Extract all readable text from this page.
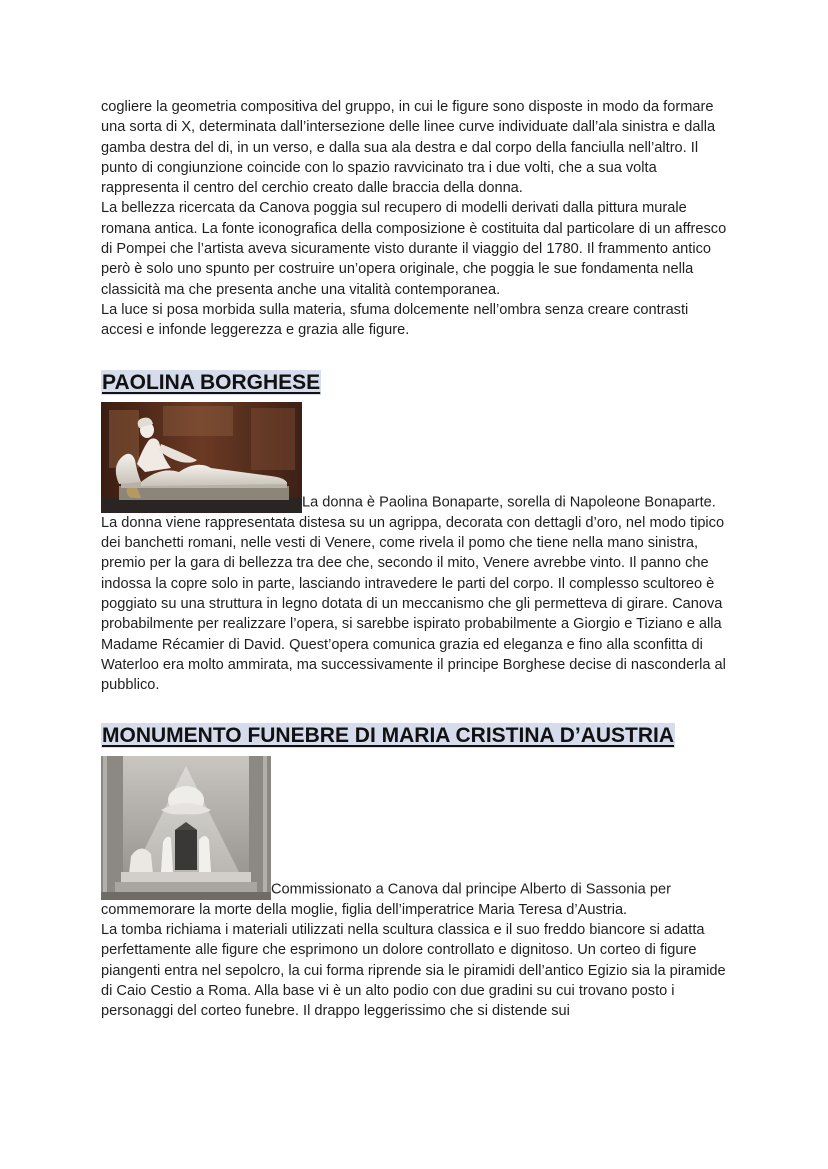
cogliere la geometria compositiva del gruppo, in cui le figure sono disposte in modo da formare una sorta di X, determinata dall’intersezione delle linee curve individuate dall’ala sinistra e dalla gamba destra del di, in un verso, e dalla sua ala destra e dal corpo della fanciulla nell’altro. Il punto di congiunzione coincide con lo spazio ravvicinato tra i due volti, che a sua volta rappresenta il centro del cerchio creato dalle braccia della donna.

La bellezza ricercata da Canova poggia sul recupero di modelli derivati dalla pittura murale romana antica. La fonte iconografica della composizione è costituita dal particolare di un affresco di Pompei che l’artista aveva sicuramente visto durante il viaggio del 1780. Il frammento antico però è solo uno spunto per costruire un’opera originale, che poggia le sue fondamenta nella classicità ma che presenta anche una vitalità contemporanea.

La luce si posa morbida sulla materia, sfuma dolcemente nell’ombra senza creare contrasti accesi e infonde leggerezza e grazia alle figure.

PAOLINA BORGHESE

La donna è Paolina Bonaparte, sorella di Napoleone Bonaparte.

La donna viene rappresentata distesa su un agrippa, decorata con dettagli d’oro, nel modo tipico dei banchetti romani, nelle vesti di Venere, come rivela il pomo che tiene nella mano sinistra, premio per la gara di bellezza tra dee che, secondo il mito, Venere avrebbe vinto. Il panno che indossa la copre solo in parte, lasciando intravedere le parti del corpo. Il complesso scultoreo è poggiato su una struttura in legno dotata di un meccanismo che gli permetteva di girare. Canova probabilmente per realizzare l’opera, si sarebbe ispirato probabilmente a Giorgio e Tiziano e alla Madame Récamier di David. Quest’opera comunica grazia ed eleganza e fino alla sconfitta di Waterloo era molto ammirata, ma successivamente il principe Borghese decise di nasconderla al pubblico.

MONUMENTO FUNEBRE DI MARIA CRISTINA D’AUSTRIA

Commissionato a Canova dal principe Alberto di Sassonia per commemorare la morte della moglie, figlia dell’imperatrice Maria Teresa d’Austria.

La tomba richiama i materiali utilizzati nella scultura classica e il suo freddo biancore si adatta perfettamente alle figure che esprimono un dolore controllato e dignitoso. Un corteo di figure piangenti entra nel sepolcro, la cui forma riprende sia le piramidi dell’antico Egizio sia la piramide di Caio Cestio a Roma. Alla base vi è un alto podio con due gradini su cui trovano posto i personaggi del corteo funebre. Il drappo leggerissimo che si distende sui
